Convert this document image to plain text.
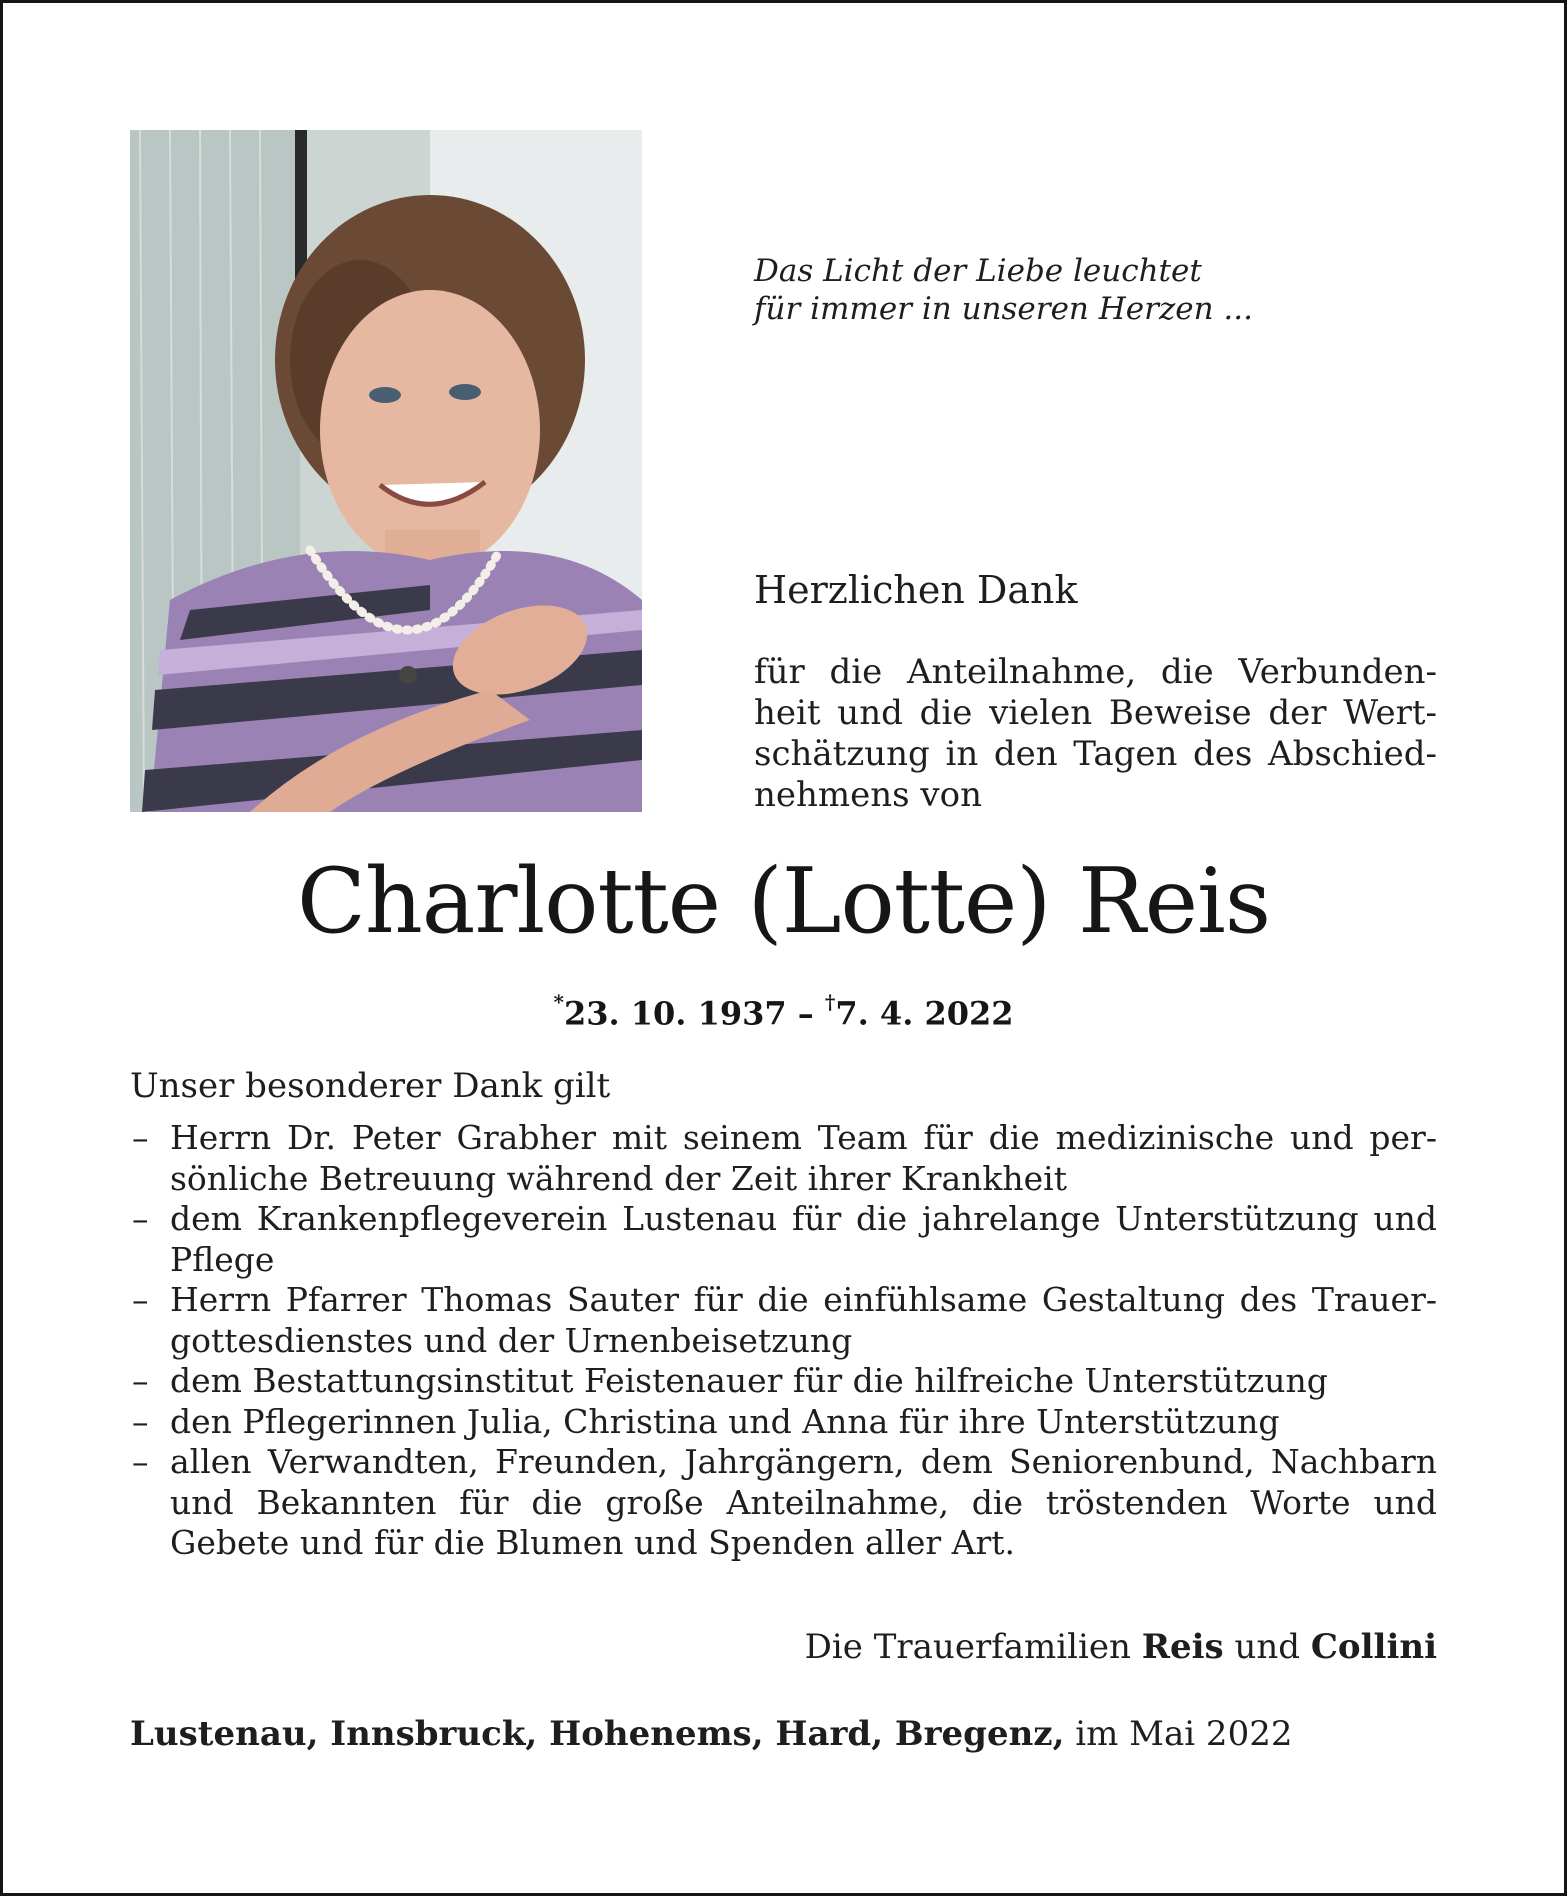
Das Licht der Liebe leuchtet
für immer in unseren Herzen ...
Herzlichen Dank
für die Anteilnahme, die Verbunden-
heit und die vielen Beweise der Wert-
schätzung in den Tagen des Abschied-
nehmens von
Charlotte (Lotte) Reis
*23. 10. 1937 – †7. 4. 2022
Unser besonderer Dank gilt
– Herrn Dr. Peter Grabher mit seinem Team für die medizinische und per-
sönliche Betreuung während der Zeit ihrer Krankheit
– dem Krankenpflegeverein Lustenau für die jahrelange Unterstützung und
Pflege
– Herrn Pfarrer Thomas Sauter für die einfühlsame Gestaltung des Trauer-
gottesdienstes und der Urnenbeisetzung
– dem Bestattungsinstitut Feistenauer für die hilfreiche Unterstützung
– den Pflegerinnen Julia, Christina und Anna für ihre Unterstützung
– allen Verwandten, Freunden, Jahrgängern, dem Seniorenbund, Nachbarn
und Bekannten für die große Anteilnahme, die tröstenden Worte und
Gebete und für die Blumen und Spenden aller Art.
Die Trauerfamilien Reis und Collini
Lustenau, Innsbruck, Hohenems, Hard, Bregenz, im Mai 2022
